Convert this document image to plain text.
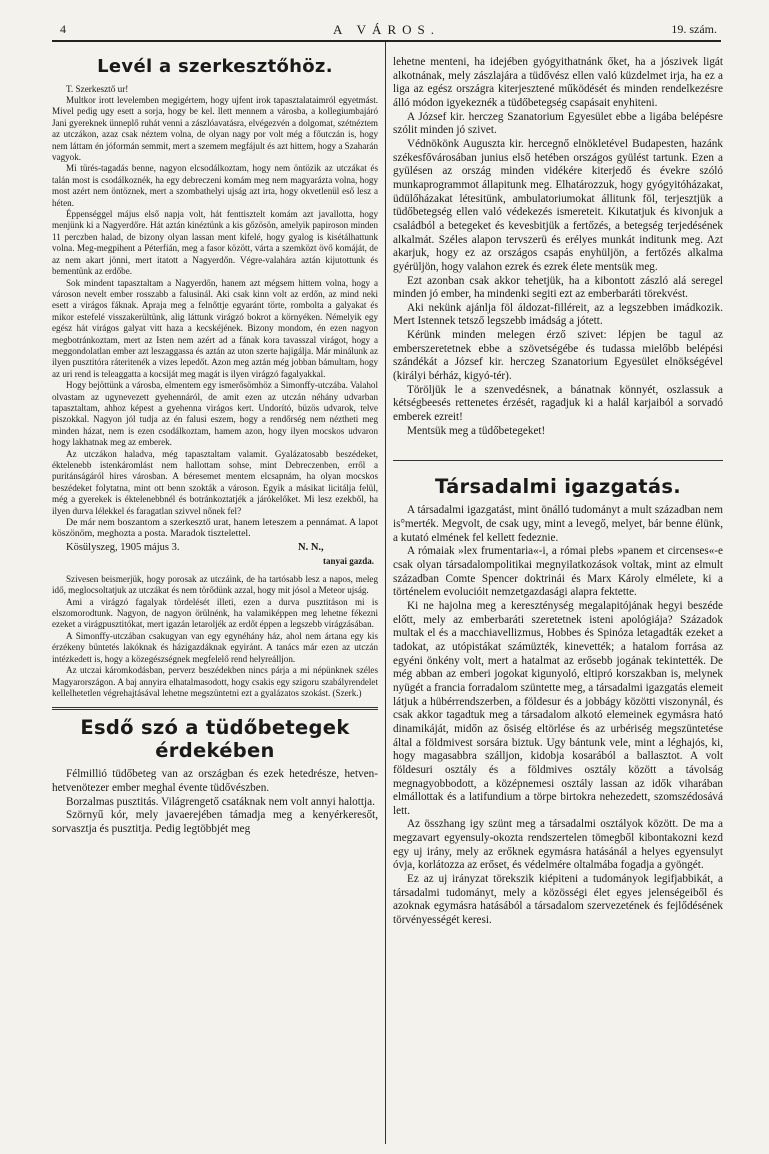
4	A VÁROS.	19. szám.
Levél a szerkesztőhöz.
T. Szerkesztő ur!

Multkor irott levelemben megigértem, hogy ujfent irok tapasztalataimról egyetmást. Mivel pedig ugy esett a sorja, hogy be kel. llett mennem a városba, a kollegiumbajáró Jani gyereknek ünneplő ruhát venni a zászlóavatásra, elvégezvén a dolgomat, szétnéztem az utczákon, azaz csak néztem volna, de olyan nagy por volt még a főutczán is, hogy nem láttam én jóformán semmit, mert a szemem megfájult és azt hittem, hogy a Szaharán vagyok.

Mi türés-tagadás benne, nagyon elcsodálkoztam, hogy nem öntözik az utczákat és talán most is csodálkoznék, ha egy debreczeni komám meg nem magyarázta volna, hogy most azért nem öntöznek, mert a szombathelyi ujság azt irta, hogy okvetlenül eső lesz a héten.

Éppenséggel május első napja volt, hát fenttisztelt komám azt javallotta, hogy menjünk ki a Nagyerdőre. Hát aztán kinéztünk a kis gőzösön, amelyik papiroson minden 11 perczben halad, de bizony olyan lassan ment kifelé, hogy gyalog is kisétálhattunk volna. Meg-megpihent a Péterfián, meg a fasor között, várta a szemközt övő komáját, de az nem akart jönni, mert itatott a Nagyerdőn. Végre-valahára aztán kijutottunk és bementünk az erdőbe.

Sok mindent tapasztaltam a Nagyerdőn, hanem azt mégsem hittem volna, hogy a városon nevelt ember rosszabb a falusinál. Aki csak kinn volt az erdőn, az mind neki esett a virágos fáknak. Apraja meg a felnőttje egyaránt törte, rombolta a galyakat és mikor estefelé visszakerültünk, alig láttunk virágzó bokrot a környéken. Némelyik egy egész hát virágos galyat vitt haza a kecskéjének. Bizony mondom, én ezen nagyon megbotránkoztam, mert az Isten nem azért ad a fának kora tavasszal virágot, hogy a meggondolatlan ember azt leszaggassa és aztán az uton szerte hajigálja. Már minálunk az ilyen pusztitóra ráteritenék a vizes lepedőt. Azon meg aztán még jobban bámultam, hogy az uri rend is teleaggatta a kocsiját meg magát is ilyen virágzó fagalyakkal.

Hogy bejöttünk a városba, elmentem egy ismerősömhöz a Simonffy-utczába. Valahol olvastam az ugynevezett gyehennáról, de amit ezen az utczán néhány udvarban tapasztaltam, ahhoz képest a gyehenna virágos kert. Undorító, büzös udvarok, telve piszokkal. Nagyon jól tudja az én falusi eszem, hogy a rendőrség nem néztheti meg minden házat, nem is ezen csodálkoztam, hamem azon, hogy ilyen mocskos udvaron hogy lakhatnak meg az emberek.

Az utczákon haladva, még tapasztaltam valamit. Gyalázatosabb beszédeket, éktelenebb istenkáromlást nem hallottam sohse, mint Debreczenben, erről a puritánságáról hires városban. A béresemet mentem elcsapnám, ha olyan mocskos beszédeket folytatna, mint ott benn szokták a városon. Egyik a másikat licitálja felül, még a gyerekek is éktelenebbnél és botránkoztatjék a járókelőket. Mi lesz ezekből, ha ilyen durva lélekkel és faragatlan szivvel nőnek fel?

De már nem boszantom a szerkesztő urat, hanem leteszem a pennámat. A lapot köszönöm, meghozta a posta. Maradok tisztelettel.

Kösülyszeg, 1905 május 3.	N. N.,
tanyai gazda.

Szivesen beismerjük, hogy porosak az utczáink, de ha tartósabb lesz a napos, meleg idő, meglocsoltatjuk az utczákat és nem törődünk azzal, hogy mit jósol a Meteor ujság.

Ami a virágzó fagalyak tördelését illeti, ezen a durva pusztitáson mi is elszomorodtunk. Nagyon, de nagyon örülnénk, ha valamiképpen meg lehetne fékezni ezeket a virágpusztitókat, mert igazán letaroljék az erdőt éppen a legszebb virágzásában.

A Simonffy-utczában csakugyan van egy egynéhány ház, ahol nem ártana egy kis érzékeny büntetés lakóknak és házigazdáknak egyiránt. A tanács már ezen az utczán intézkedett is, hogy a közegészségnek megfelelő rend helyreálljon.

Az utczai káromkodásban, perverz beszédekben nincs párja a mi népünknek széles Magyarországon. A baj annyira elhatalmasodott, hogy csakis egy szigoru szabályrendelet kellelhetetlen végrehajtásával lehetne megszüntetni ezt a gyalázatos szokást. (Szerk.)

Esdő szó a tüdőbetegek érdekében

Félmillió tüdőbeteg van az országban és ezek hetedrésze, hetven-hetvenötezer ember meghal évente tüdővészben.

Borzalmas pusztitás. Világrengető csatáknak nem volt annyi halottja.

Szörnyű kór, mely javaerejében támadja meg a kenyérkeresőt, sorvasztja és pusztitja. Pedig legtöbbjét meg

lehetne menteni, ha idejében gyógyithatnánk őket, ha a jószivek ligát alkotnának, mely zászlajára a tüdővész ellen való küzdelmet irja, ha ez a liga az egész országra kiterjesztené működését és minden rendelkezésre álló módon igyekeznék a tüdőbetegség csapásait enyhiteni.

A József kir. herczeg Szanatorium Egyesület ebbe a ligába belépésre szólit minden jó szivet.

Védnökönk Auguszta kir. hercegnő elnökletével Budapesten, hazánk székesfővárosában junius első hetében országos gyülést tartunk. Ezen a gyülésen az ország minden vidékére kiterjedő és évekre szóló munkaprogrammot állapitunk meg. Elhatározzuk, hogy gyógyitóházakat, üdülőházakat létesitünk, ambulatoriumokat állitunk föl, terjesztjük a tüdőbetegség ellen való védekezés ismereteit. Kikutatjuk és kivonjuk a családból a betegeket és kevesbitjük a fertőzés, a betegség terjedésének alkalmát. Széles alapon tervszerü és erélyes munkát inditunk meg. Azt akarjuk, hogy ez az országos csapás enyhüljön, a fertőzés alkalma gyérüljön, hogy valahon ezrek és ezrek élete mentsük meg.

Ezt azonban csak akkor tehetjük, ha a kibontott zászló alá seregel minden jó ember, ha mindenki segiti ezt az emberbaráti törekvést.

Aki nekünk ajánlja föl áldozat-filléreit, az a legszebben imádkozik. Mert Istennek tetsző legszebb imádság a jótett.

Kérünk minden melegen érző szivet: lépjen be tagul az emberszeretetnek ebbe a szövetségébe és tudassa mielőbb belépési szándékát a József kir. herczeg Szanatorium Egyesület elnökségével (királyi bérház, kigyó-tér).

Töröljük le a szenvedésnek, a bánatnak könnyét, oszlassuk a kétségbeesés rettenetes érzését, ragadjuk ki a halál karjaiból a sorvadó emberek ezreit!

Mentsük meg a tüdőbetegeket!

Társadalmi igazgatás.

A társadalmi igazgatást, mint önálló tudományt a mult században nem is°merték. Megvolt, de csak ugy, mint a levegő, melyet, bár benne élünk, a kutató elmének fel kellett fedeznie.

A rómaiak »lex frumentaria«-i, a római plebs »panem et circenses«-e csak olyan társadalompolitikai megnyilatkozások voltak, mint az elmult században Comte Spencer doktrinái és Marx Károly elmélete, ki a történelem evolucióit nemzetgazdasági alapra fektette.

Ki ne hajolna meg a kereszténység megalapitójának hegyi beszéde előtt, mely az emberbaráti szeretetnek isteni apológiája? Századok multak el és a macchiavellizmus, Hobbes és Spinóza letagadták ezeket a tadokat, az utópistákat számüzték, kinevették; a hatalom forrása az egyéni önkény volt, mert a hatalmat az erősebb jogának tekintették. De még abban az emberi jogokat kigunyoló, eltipró korszakban is, melynek nyügét a francia forradalom szüntette meg, a társadalmi igazgatás elemeit látjuk a hübérrendszerben, a földesur és a jobbágy közötti viszonynál, és csak akkor tagadtuk meg a társadalom alkotó elemeinek egymásra ható dinamikáját, midőn az ősiség eltörlése és az urbériség megszüntetése által a földmivest sorsára biztuk. Ugy bántunk vele, mint a léghajós, ki, hogy magasabbra szálljon, kidobja kosarából a ballasztot. A volt földesuri osztály és a földmives osztály között a távolság megnagyobbodott, a középnemesi osztály lassan az idők viharában elmállottak és a latifundium a törpe birtokra nehezedett, szomszédosává lett.

Az összhang igy szünt meg a társadalmi osztályok között. De ma a megzavart egyensuly-okozta rendszertelen tömegből kibontakozni kezd egy uj irány, mely az erőknek egymásra hatásánál a helyes egyensulyt óvja, korlátozza az erőset, és védelmére oltalmába fogadja a gyöngét.

Ez az uj irányzat törekszik kiépiteni a tudományok legifjabbikát, a társadalmi tudományt, mely a közösségi élet egyes jelenségeiből és azoknak egymásra hatásából a társadalom szervezetének és fejlődésének törvényességét keresi.
